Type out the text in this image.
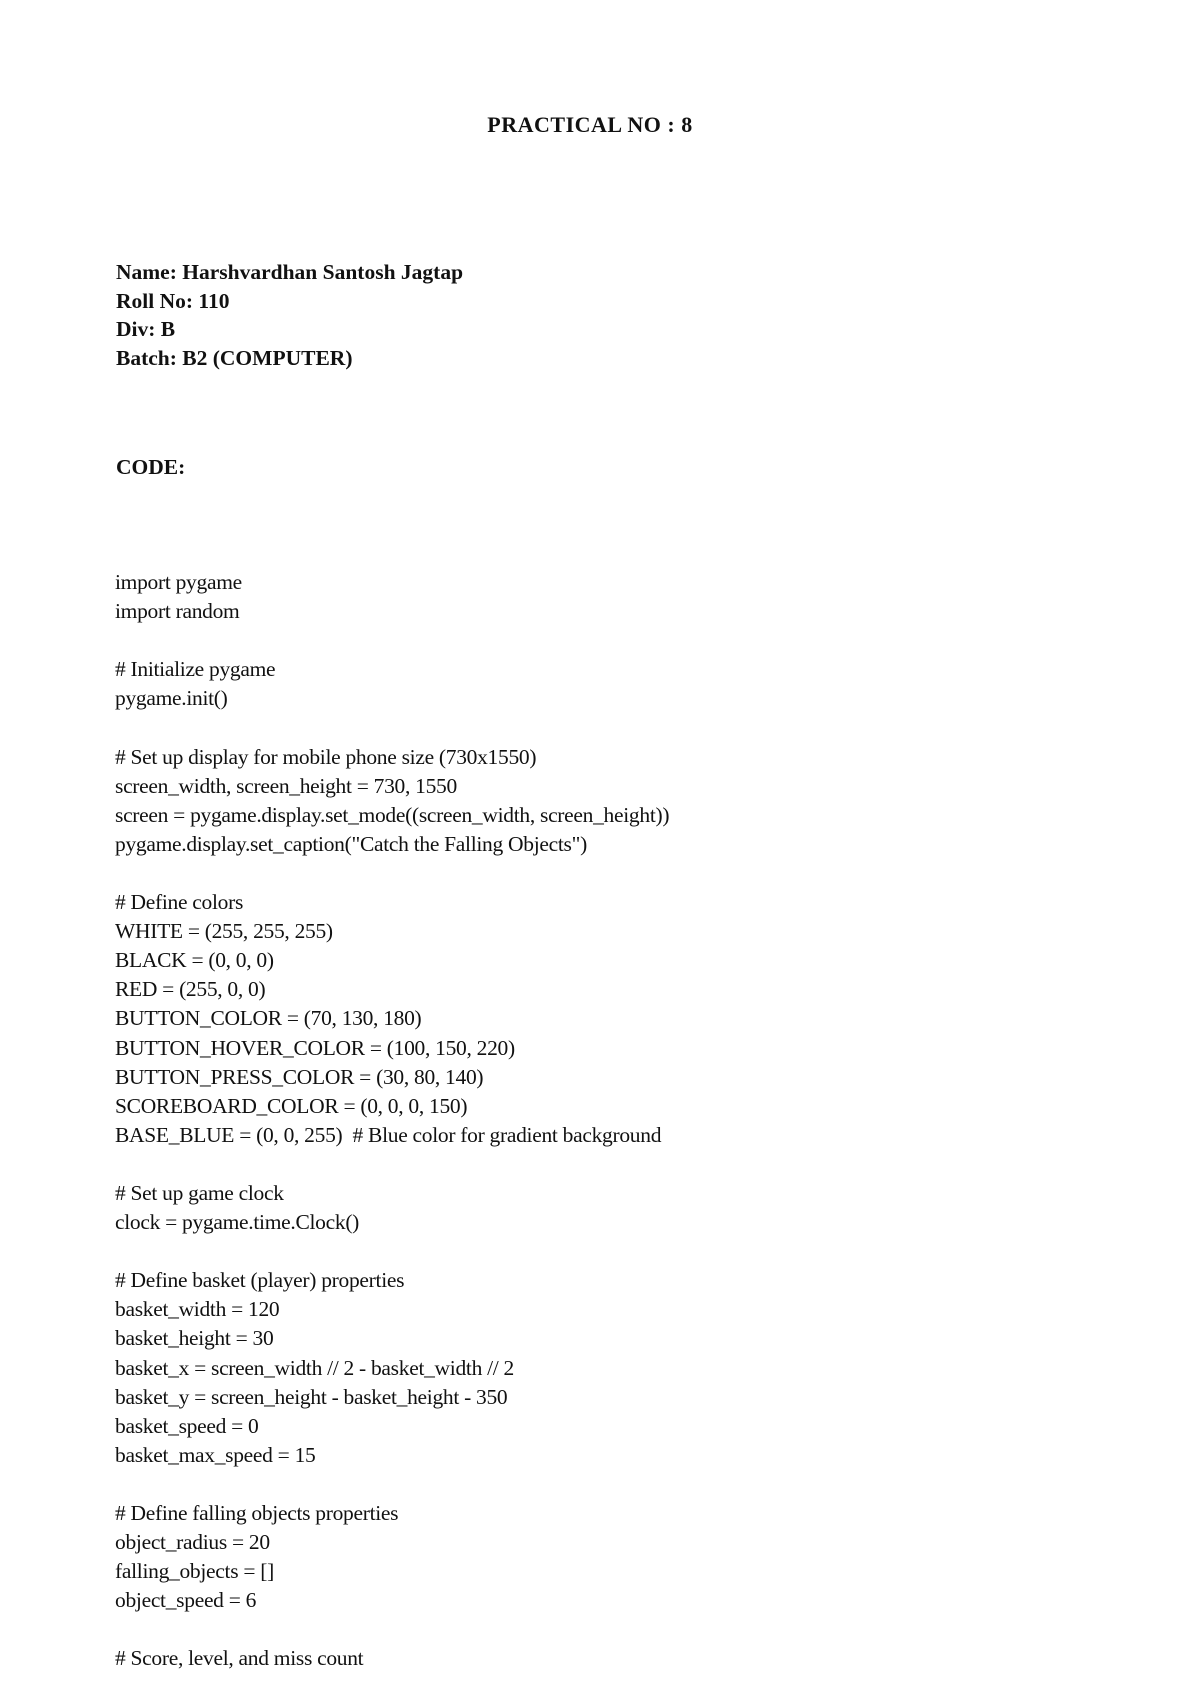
PRACTICAL NO : 8
Name: Harshvardhan Santosh Jagtap
Roll No: 110
Div: B
Batch: B2 (COMPUTER)
CODE:
import pygame
import random
# Initialize pygame
pygame.init()
# Set up display for mobile phone size (730x1550)
screen_width, screen_height = 730, 1550
screen = pygame.display.set_mode((screen_width, screen_height))
pygame.display.set_caption("Catch the Falling Objects")
# Define colors
WHITE = (255, 255, 255)
BLACK = (0, 0, 0)
RED = (255, 0, 0)
BUTTON_COLOR = (70, 130, 180)
BUTTON_HOVER_COLOR = (100, 150, 220)
BUTTON_PRESS_COLOR = (30, 80, 140)
SCOREBOARD_COLOR = (0, 0, 0, 150)
BASE_BLUE = (0, 0, 255)  # Blue color for gradient background
# Set up game clock
clock = pygame.time.Clock()
# Define basket (player) properties
basket_width = 120
basket_height = 30
basket_x = screen_width // 2 - basket_width // 2
basket_y = screen_height - basket_height - 350
basket_speed = 0
basket_max_speed = 15
# Define falling objects properties
object_radius = 20
falling_objects = []
object_speed = 6
# Score, level, and miss count
